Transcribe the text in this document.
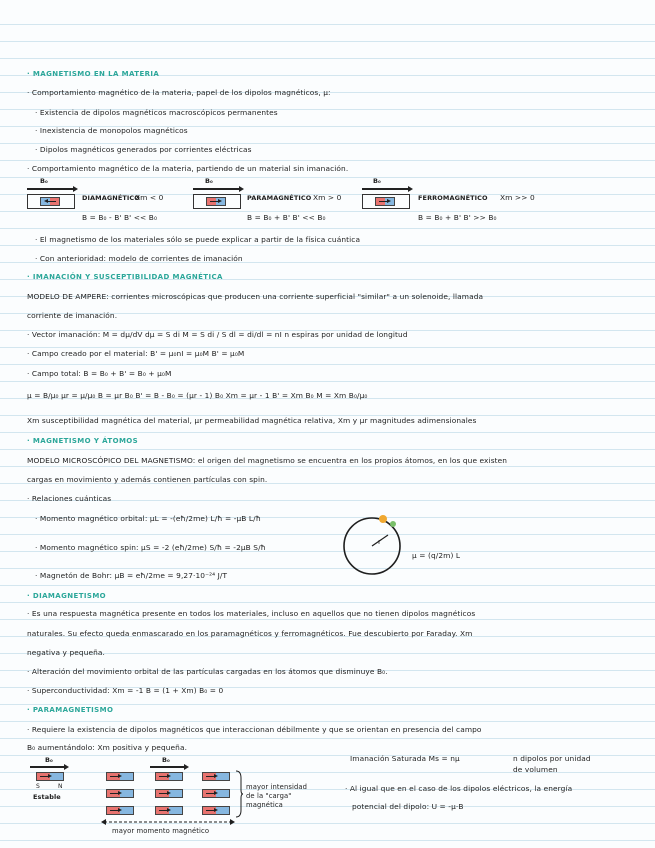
· MAGNETISMO EN LA MATERIA
· Comportamiento magnético de la materia, papel de los dipolos magnéticos, μ:
· Existencia de dipolos magnéticos macroscópicos permanentes
· Inexistencia de monopolos magnéticos
· Dipolos magnéticos generados por corrientes eléctricas
· Comportamiento magnético de la materia, partiendo de un material sin imanación.
B₀	B₀	B₀
DIAMAGNÉTICO
Xm < 0
B = B₀ - B' B' << B₀
PARAMAGNÉTICO Xm > 0
B = B₀ + B' B' << B₀
FERROMAGNÉTICO Xm >> 0
B = B₀ + B' B' >> B₀
· El magnetismo de los materiales sólo se puede explicar a partir de la física cuántica
· Con anterioridad: modelo de corrientes de imanación
· IMANACIÓN Y SUSCEPTIBILIDAD MAGNÉTICA
MODELO DE AMPERE: corrientes microscópicas que producen una corriente superficial "similar" a un solenoide, llamada
corriente de imanación.
· Vector imanación: M = dμ/dV dμ = S di M = S di / S dl = di/dl = nI n espiras por unidad de longitud
· Campo creado por el material: B' = μ₀nI = μ₀M B' = μ₀M
· Campo total: B = B₀ + B' = B₀ + μ₀M
μ = B/μ₀ μr = μ/μ₀ B = μr B₀ B' = B - B₀ = (μr - 1) B₀ Xm = μr - 1 B' = Xm B₀ M = Xm B₀/μ₀
Xm susceptibilidad magnética del material, μr permeabilidad magnética relativa, Xm y μr magnitudes adimensionales
· MAGNETISMO Y ÁTOMOS
MODELO MICROSCÓPICO DEL MAGNETISMO: el origen del magnetismo se encuentra en los propios átomos, en los que existen
cargas en movimiento y además contienen partículas con spin.
· Relaciones cuánticas
· Momento magnético orbital: μL = -(eħ/2me) L/ħ = -μB L/ħ
· Momento magnético spin: μS = -2 (eħ/2me) S/ħ = -2μB S/ħ
· Magnetón de Bohr: μB = eħ/2me = 9,27·10⁻²⁴ J/T
r
μ = (q/2m) L
· DIAMAGNETISMO
· Es una respuesta magnética presente en todos los materiales, incluso en aquellos que no tienen dipolos magnéticos
naturales. Su efecto queda enmascarado en los paramagnéticos y ferromagnéticos. Fue descubierto por Faraday. Xm
negativa y pequeña.
· Alteración del movimiento orbital de las partículas cargadas en los átomos que disminuye B₀.
· Superconductividad: Xm = -1 B = (1 + Xm) B₀ = 0
· PARAMAGNETISMO
· Requiere la existencia de dipolos magnéticos que interaccionan débilmente y que se orientan en presencia del campo
B₀ aumentándolo: Xm positiva y pequeña.
Imanación Saturada Ms = nμ	n dipolos por unidad
de volumen
· Al igual que en el caso de los dipolos eléctricos, la energía
potencial del dipolo: U = -μ·B
B₀
S	N
Estable
B₀
mayor intensidad
de la "carga"
magnética
mayor momento magnético
